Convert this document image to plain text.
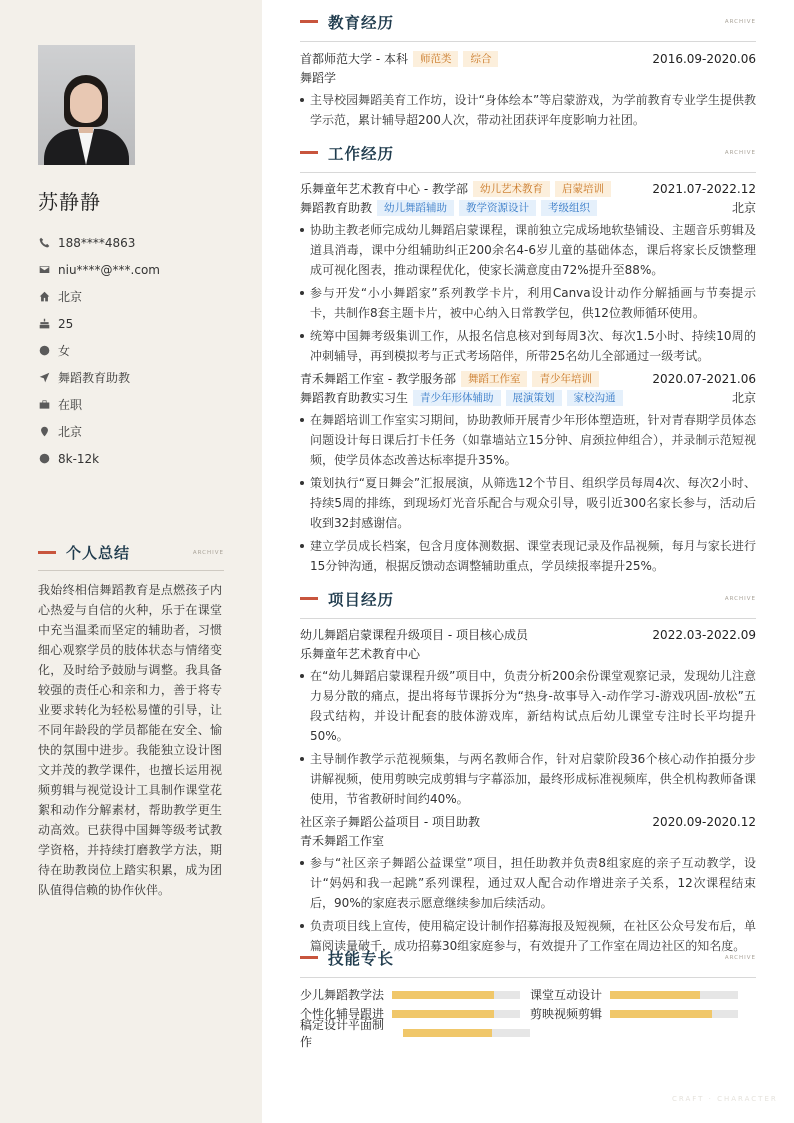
苏静静
188****4863
niu****@***.com
北京
25
女
舞蹈教育助教
在职
北京
8k-12k
个人总结	ARCHIVE

我始终相信舞蹈教育是点燃孩子内心热爱与自信的火种，乐于在课堂中充当温柔而坚定的辅助者，习惯细心观察学员的肢体状态与情绪变化，及时给予鼓励与调整。我具备较强的责任心和亲和力，善于将专业要求转化为轻松易懂的引导，让不同年龄段的学员都能在安全、愉快的氛围中进步。我能独立设计图文并茂的教学课件，也擅长运用视频剪辑与视觉设计工具制作课堂花絮和动作分解素材，帮助教学更生动高效。已获得中国舞等级考试教学资格，并持续打磨教学方法，期待在助教岗位上踏实积累，成为团队值得信赖的协作伙伴。

教育经历	ARCHIVE
首都师范大学 - 本科	师范类	综合	2016.09-2020.06
舞蹈学
主导校园舞蹈美育工作坊，设计“身体绘本”等启蒙游戏，为学前教育专业学生提供教学示范，累计辅导超200人次，带动社团获评年度影响力社团。
工作经历	ARCHIVE
乐舞童年艺术教育中心 - 教学部	幼儿艺术教育	启蒙培训	2021.07-2022.12
舞蹈教育助教	幼儿舞蹈辅助	教学资源设计	考级组织	北京
协助主教老师完成幼儿舞蹈启蒙课程，课前独立完成场地软垫铺设、主题音乐剪辑及道具消毒，课中分组辅助纠正200余名4-6岁儿童的基础体态，课后将家长反馈整理成可视化图表，推动课程优化，使家长满意度由72%提升至88%。
参与开发“小小舞蹈家”系列教学卡片，利用Canva设计动作分解插画与节奏提示卡，共制作8套主题卡片，被中心纳入日常教学包，供12位教师循环使用。
统筹中国舞考级集训工作，从报名信息核对到每周3次、每次1.5小时、持续10周的冲刺辅导，再到模拟考与正式考场陪伴，所带25名幼儿全部通过一级考试。
青禾舞蹈工作室 - 教学服务部	舞蹈工作室	青少年培训	2020.07-2021.06
舞蹈教育助教实习生	青少年形体辅助	展演策划	家校沟通	北京
在舞蹈培训工作室实习期间，协助教师开展青少年形体塑造班，针对青春期学员体态问题设计每日课后打卡任务（如靠墙站立15分钟、肩颈拉伸组合），并录制示范短视频，使学员体态改善达标率提升35%。
策划执行“夏日舞会”汇报展演，从筛选12个节目、组织学员每周4次、每次2小时、持续5周的排练，到现场灯光音乐配合与观众引导，吸引近300名家长参与，活动后收到32封感谢信。
建立学员成长档案，包含月度体测数据、课堂表现记录及作品视频，每月与家长进行15分钟沟通，根据反馈动态调整辅助重点，学员续报率提升25%。
项目经历	ARCHIVE
幼儿舞蹈启蒙课程升级项目 - 项目核心成员	2022.03-2022.09
乐舞童年艺术教育中心
在“幼儿舞蹈启蒙课程升级”项目中，负责分析200余份课堂观察记录，发现幼儿注意力易分散的痛点，提出将每节课拆分为“热身-故事导入-动作学习-游戏巩固-放松”五段式结构，并设计配套的肢体游戏库，新结构试点后幼儿课堂专注时长平均提升50%。
主导制作教学示范视频集，与两名教师合作，针对启蒙阶段36个核心动作拍摄分步讲解视频，使用剪映完成剪辑与字幕添加，最终形成标准视频库，供全机构教师备课使用，节省教研时间约40%。
社区亲子舞蹈公益项目 - 项目助教	2020.09-2020.12
青禾舞蹈工作室
参与“社区亲子舞蹈公益课堂”项目，担任助教并负责8组家庭的亲子互动教学，设计“妈妈和我一起跳”系列课程，通过双人配合动作增进亲子关系，12次课程结束后，90%的家庭表示愿意继续参加后续活动。
负责项目线上宣传，使用稿定设计制作招募海报及短视频，在社区公众号发布后，单篇阅读量破千，成功招募30组家庭参与，有效提升了工作室在周边社区的知名度。
技能专长	ARCHIVE
少儿舞蹈教学法	课堂互动设计
个性化辅导跟进	剪映视频剪辑
稿定设计平面制作
CRAFT · CHARACTER
